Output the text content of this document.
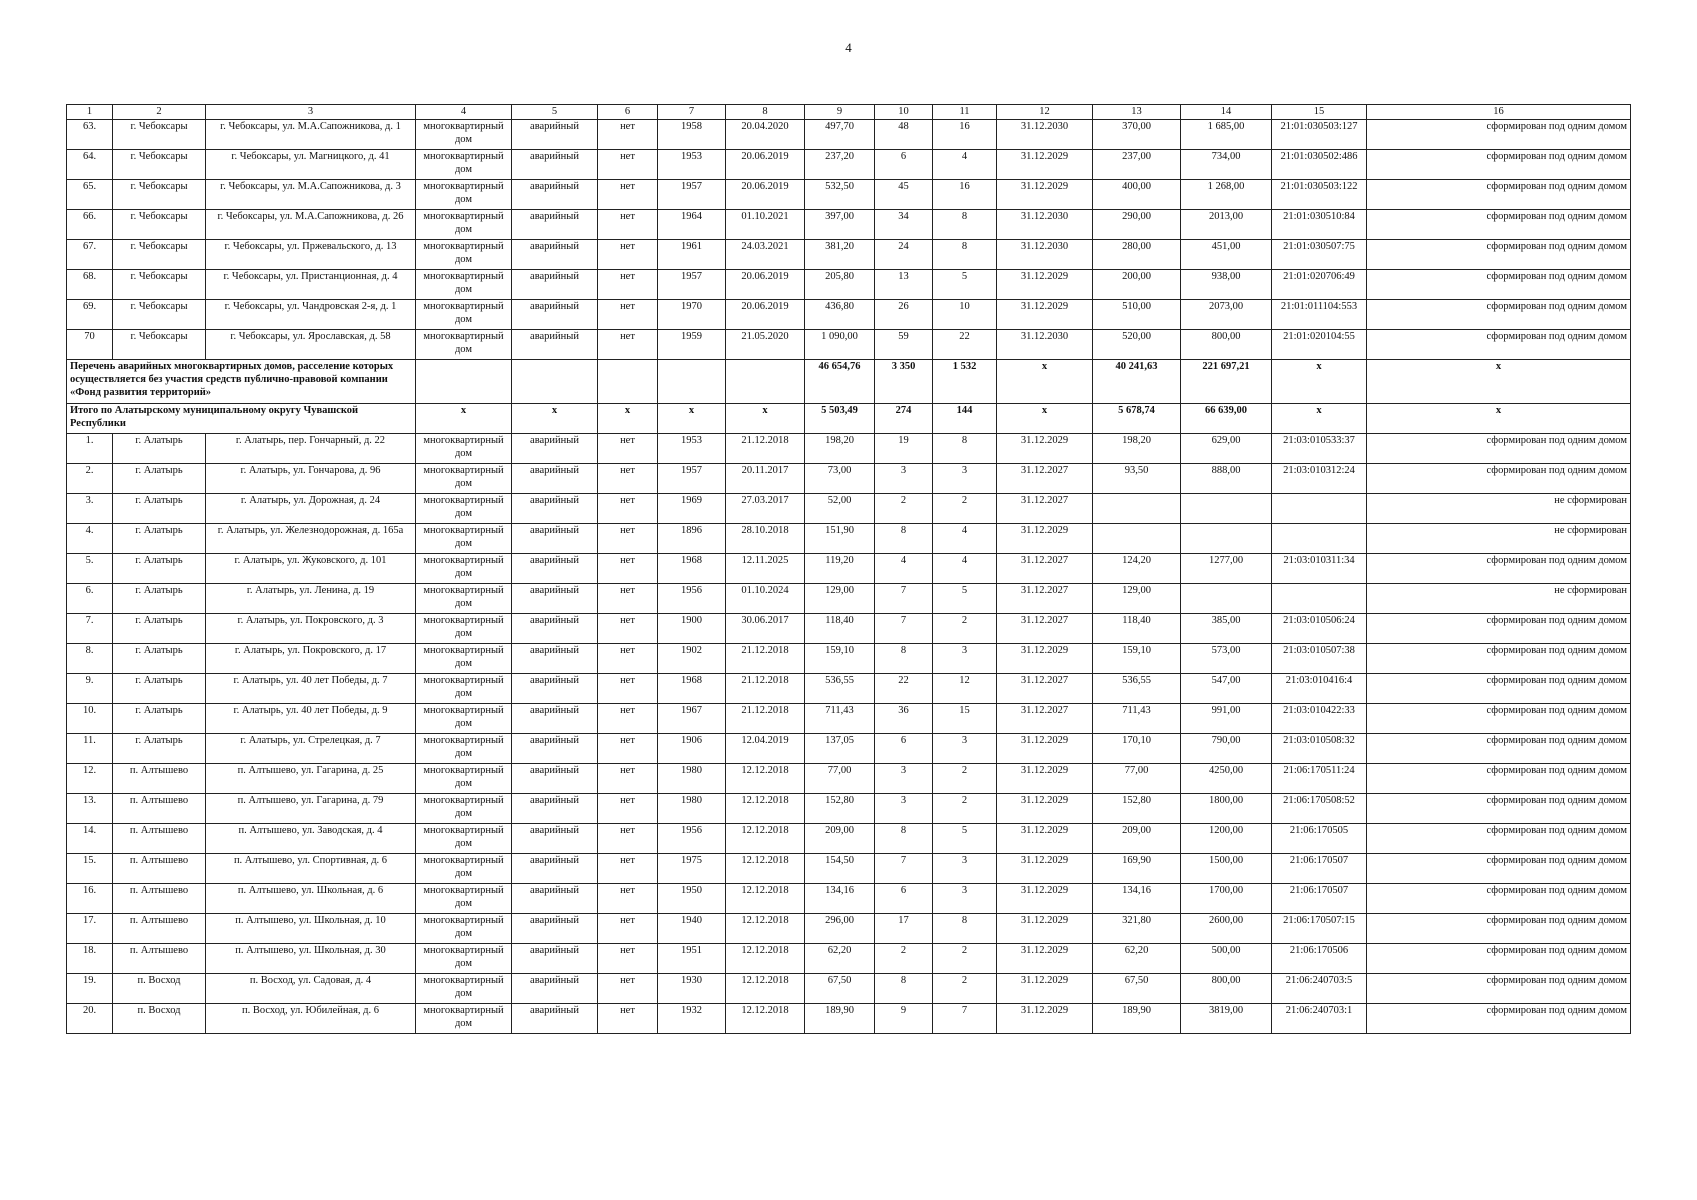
4
1	2	3	4	5	6	7	8	9	10	11	12	13	14	15	16
63.	г. Чебоксары	г. Чебоксары, ул. М.А.Сапожникова, д. 1	многоквартирный дом	аварийный	нет	1958	20.04.2020	497,70	48	16	31.12.2030	370,00	1 685,00	21:01:030503:127	сформирован под одним домом
64.	г. Чебоксары	г. Чебоксары, ул. Магницкого, д. 41	многоквартирный дом	аварийный	нет	1953	20.06.2019	237,20	6	4	31.12.2029	237,00	734,00	21:01:030502:486	сформирован под одним домом
65.	г. Чебоксары	г. Чебоксары, ул. М.А.Сапожникова, д. 3	многоквартирный дом	аварийный	нет	1957	20.06.2019	532,50	45	16	31.12.2029	400,00	1 268,00	21:01:030503:122	сформирован под одним домом
66.	г. Чебоксары	г. Чебоксары, ул. М.А.Сапожникова, д. 26	многоквартирный дом	аварийный	нет	1964	01.10.2021	397,00	34	8	31.12.2030	290,00	2013,00	21:01:030510:84	сформирован под одним домом
67.	г. Чебоксары	г. Чебоксары, ул. Пржевальского, д. 13	многоквартирный дом	аварийный	нет	1961	24.03.2021	381,20	24	8	31.12.2030	280,00	451,00	21:01:030507:75	сформирован под одним домом
68.	г. Чебоксары	г. Чебоксары, ул. Пристанционная, д. 4	многоквартирный дом	аварийный	нет	1957	20.06.2019	205,80	13	5	31.12.2029	200,00	938,00	21:01:020706:49	сформирован под одним домом
69.	г. Чебоксары	г. Чебоксары, ул. Чандровская 2-я, д. 1	многоквартирный дом	аварийный	нет	1970	20.06.2019	436,80	26	10	31.12.2029	510,00	2073,00	21:01:011104:553	сформирован под одним домом
70	г. Чебоксары	г. Чебоксары, ул. Ярославская, д. 58	многоквартирный дом	аварийный	нет	1959	21.05.2020	1 090,00	59	22	31.12.2030	520,00	800,00	21:01:020104:55	сформирован под одним домом
Перечень аварийных многоквартирных домов, расселение которых осуществляется без участия средств публично-правовой компании «Фонд развития территорий»								46 654,76	3 350	1 532	х	40 241,63	221 697,21	х	х
Итого по Алатырскому муниципальному округу Чувашской Республики			х	х	х	х	х	5 503,49	274	144	х	5 678,74	66 639,00	х	х
1.	г. Алатырь	г. Алатырь, пер. Гончарный, д. 22	многоквартирный дом	аварийный	нет	1953	21.12.2018	198,20	19	8	31.12.2029	198,20	629,00	21:03:010533:37	сформирован под одним домом
2.	г. Алатырь	г. Алатырь, ул. Гончарова, д. 96	многоквартирный дом	аварийный	нет	1957	20.11.2017	73,00	3	3	31.12.2027	93,50	888,00	21:03:010312:24	сформирован под одним домом
3.	г. Алатырь	г. Алатырь, ул. Дорожная, д. 24	многоквартирный дом	аварийный	нет	1969	27.03.2017	52,00	2	2	31.12.2027				не сформирован
4.	г. Алатырь	г. Алатырь, ул. Железнодорожная, д. 165а	многоквартирный дом	аварийный	нет	1896	28.10.2018	151,90	8	4	31.12.2029				не сформирован
5.	г. Алатырь	г. Алатырь, ул. Жуковского, д. 101	многоквартирный дом	аварийный	нет	1968	12.11.2025	119,20	4	4	31.12.2027	124,20	1277,00	21:03:010311:34	сформирован под одним домом
6.	г. Алатырь	г. Алатырь, ул. Ленина, д. 19	многоквартирный дом	аварийный	нет	1956	01.10.2024	129,00	7	5	31.12.2027	129,00			не сформирован
7.	г. Алатырь	г. Алатырь, ул. Покровского, д. 3	многоквартирный дом	аварийный	нет	1900	30.06.2017	118,40	7	2	31.12.2027	118,40	385,00	21:03:010506:24	сформирован под одним домом
8.	г. Алатырь	г. Алатырь, ул. Покровского, д. 17	многоквартирный дом	аварийный	нет	1902	21.12.2018	159,10	8	3	31.12.2029	159,10	573,00	21:03:010507:38	сформирован под одним домом
9.	г. Алатырь	г. Алатырь, ул. 40 лет Победы, д. 7	многоквартирный дом	аварийный	нет	1968	21.12.2018	536,55	22	12	31.12.2027	536,55	547,00	21:03:010416:4	сформирован под одним домом
10.	г. Алатырь	г. Алатырь, ул. 40 лет Победы, д. 9	многоквартирный дом	аварийный	нет	1967	21.12.2018	711,43	36	15	31.12.2027	711,43	991,00	21:03:010422:33	сформирован под одним домом
11.	г. Алатырь	г. Алатырь, ул. Стрелецкая, д. 7	многоквартирный дом	аварийный	нет	1906	12.04.2019	137,05	6	3	31.12.2029	170,10	790,00	21:03:010508:32	сформирован под одним домом
12.	п. Алтышево	п. Алтышево, ул. Гагарина, д. 25	многоквартирный дом	аварийный	нет	1980	12.12.2018	77,00	3	2	31.12.2029	77,00	4250,00	21:06:170511:24	сформирован под одним домом
13.	п. Алтышево	п. Алтышево, ул. Гагарина, д. 79	многоквартирный дом	аварийный	нет	1980	12.12.2018	152,80	3	2	31.12.2029	152,80	1800,00	21:06:170508:52	сформирован под одним домом
14.	п. Алтышево	п. Алтышево, ул. Заводская, д. 4	многоквартирный дом	аварийный	нет	1956	12.12.2018	209,00	8	5	31.12.2029	209,00	1200,00	21:06:170505	сформирован под одним домом
15.	п. Алтышево	п. Алтышево, ул. Спортивная, д. 6	многоквартирный дом	аварийный	нет	1975	12.12.2018	154,50	7	3	31.12.2029	169,90	1500,00	21:06:170507	сформирован под одним домом
16.	п. Алтышево	п. Алтышево, ул. Школьная, д. 6	многоквартирный дом	аварийный	нет	1950	12.12.2018	134,16	6	3	31.12.2029	134,16	1700,00	21:06:170507	сформирован под одним домом
17.	п. Алтышево	п. Алтышево, ул. Школьная, д. 10	многоквартирный дом	аварийный	нет	1940	12.12.2018	296,00	17	8	31.12.2029	321,80	2600,00	21:06:170507:15	сформирован под одним домом
18.	п. Алтышево	п. Алтышево, ул. Школьная, д. 30	многоквартирный дом	аварийный	нет	1951	12.12.2018	62,20	2	2	31.12.2029	62,20	500,00	21:06:170506	сформирован под одним домом
19.	п. Восход	п. Восход, ул. Садовая, д. 4	многоквартирный дом	аварийный	нет	1930	12.12.2018	67,50	8	2	31.12.2029	67,50	800,00	21:06:240703:5	сформирован под одним домом
20.	п. Восход	п. Восход, ул. Юбилейная, д. 6	многоквартирный дом	аварийный	нет	1932	12.12.2018	189,90	9	7	31.12.2029	189,90	3819,00	21:06:240703:1	сформирован под одним домом
